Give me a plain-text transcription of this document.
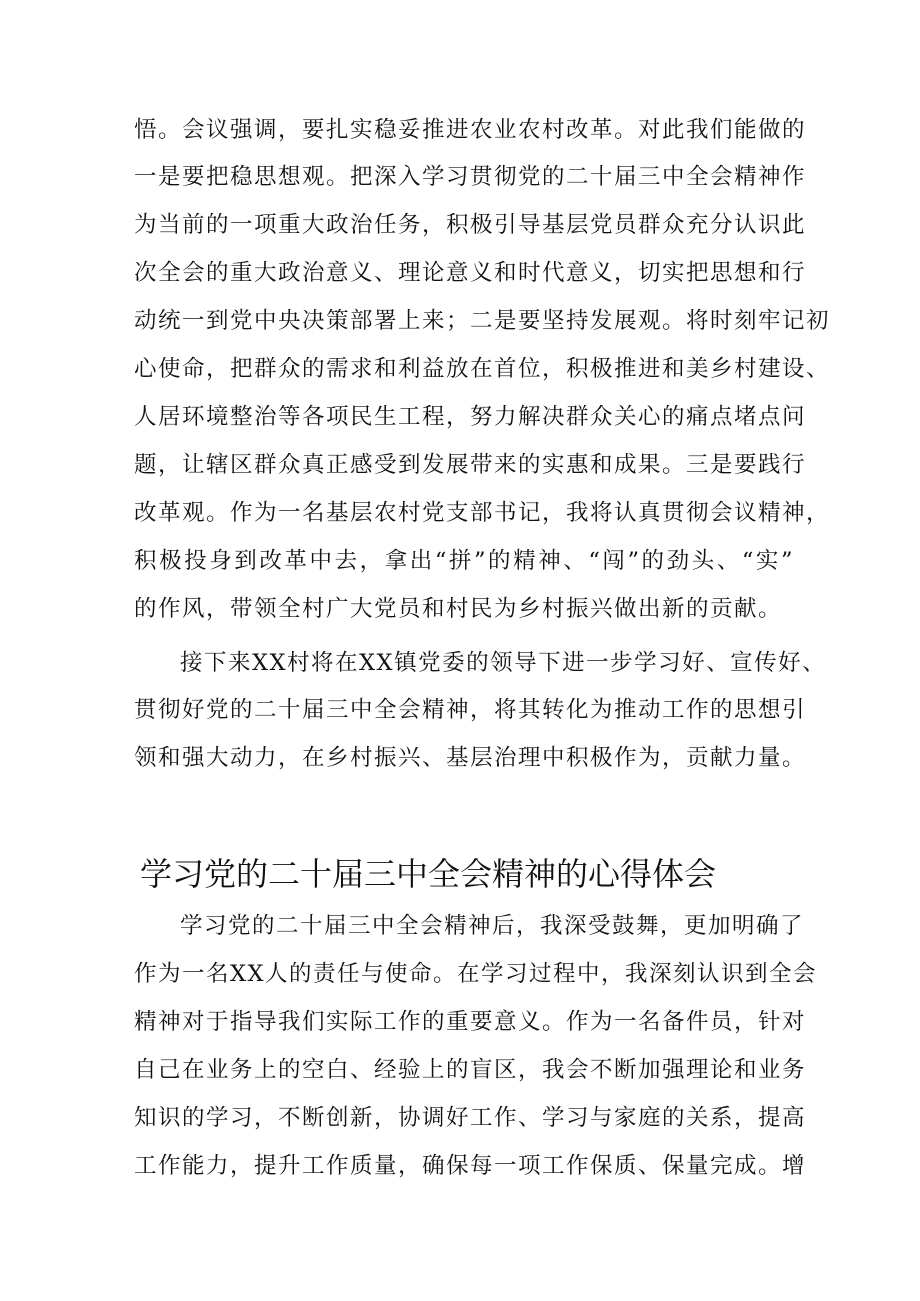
悟。会议强调，要扎实稳妥推进农业农村改革。对此我们能做的
一是要把稳思想观。把深入学习贯彻党的二十届三中全会精神作
为当前的一项重大政治任务，积极引导基层党员群众充分认识此
次全会的重大政治意义、理论意义和时代意义，切实把思想和行
动统一到党中央决策部署上来；二是要坚持发展观。将时刻牢记初
心使命，把群众的需求和利益放在首位，积极推进和美乡村建设、
人居环境整治等各项民生工程，努力解决群众关心的痛点堵点问
题，让辖区群众真正感受到发展带来的实惠和成果。三是要践行
改革观。作为一名基层农村党支部书记，我将认真贯彻会议精神，
积极投身到改革中去，拿出“拼”的精神、“闯”的劲头、“实”
的作风，带领全村广大党员和村民为乡村振兴做出新的贡献。
接下来XX村将在XX镇党委的领导下进一步学习好、宣传好、
贯彻好党的二十届三中全会精神，将其转化为推动工作的思想引
领和强大动力，在乡村振兴、基层治理中积极作为，贡献力量。
学习党的二十届三中全会精神的心得体会
学习党的二十届三中全会精神后，我深受鼓舞，更加明确了
作为一名XX人的责任与使命。在学习过程中，我深刻认识到全会
精神对于指导我们实际工作的重要意义。作为一名备件员，针对
自己在业务上的空白、经验上的盲区，我会不断加强理论和业务
知识的学习，不断创新，协调好工作、学习与家庭的关系，提高
工作能力，提升工作质量，确保每一项工作保质、保量完成。增
